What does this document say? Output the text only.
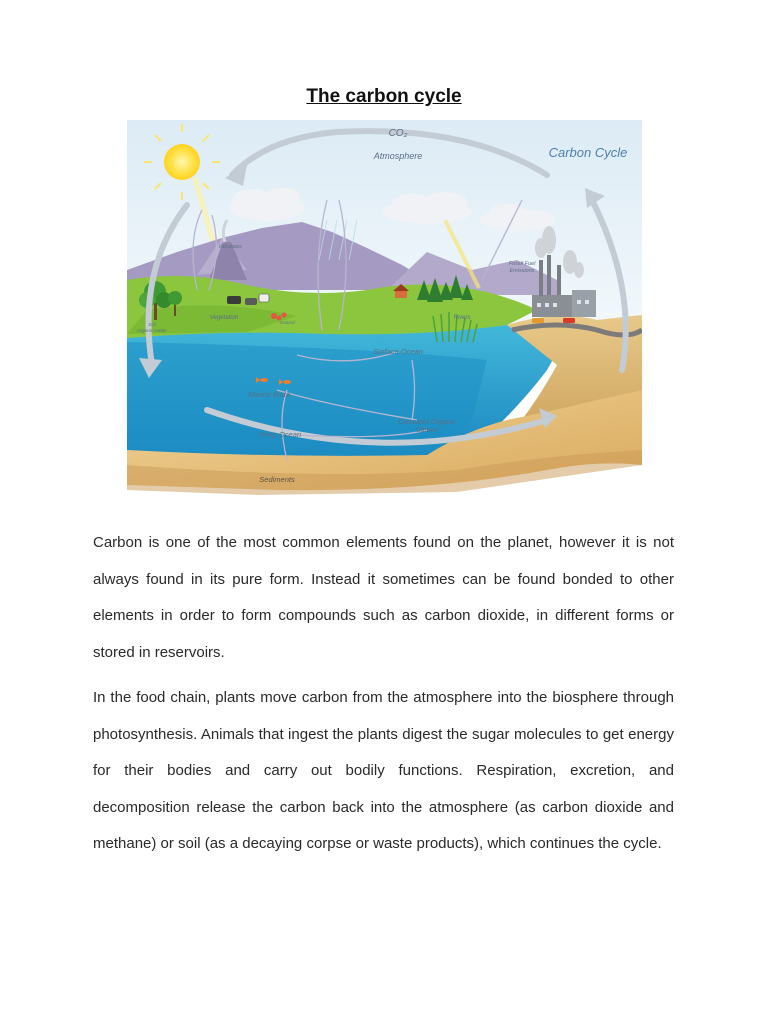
The carbon cycle
CO₂
Atmosphere	Carbon Cycle
Volcanoes
Fossil Fuel
Emissions
Vegetation
Soil
Organic matter
Ground
Rivers
Surface Ocean
Marine Biota
Dissolved Organic
Carbon
Deep Ocean
Sediments

Carbon is one of the most common elements found on the planet, however it is not always found in its pure form. Instead it sometimes can be found bonded to other elements in order to form compounds such as carbon dioxide, in different forms or stored in reservoirs.

In the food chain, plants move carbon from the atmosphere into the biosphere through photosynthesis. Animals that ingest the plants digest the sugar molecules to get energy for their bodies and carry out bodily functions. Respiration, excretion, and decomposition release the carbon back into the atmosphere (as carbon dioxide and methane) or soil (as a decaying corpse or waste products), which continues the cycle.
